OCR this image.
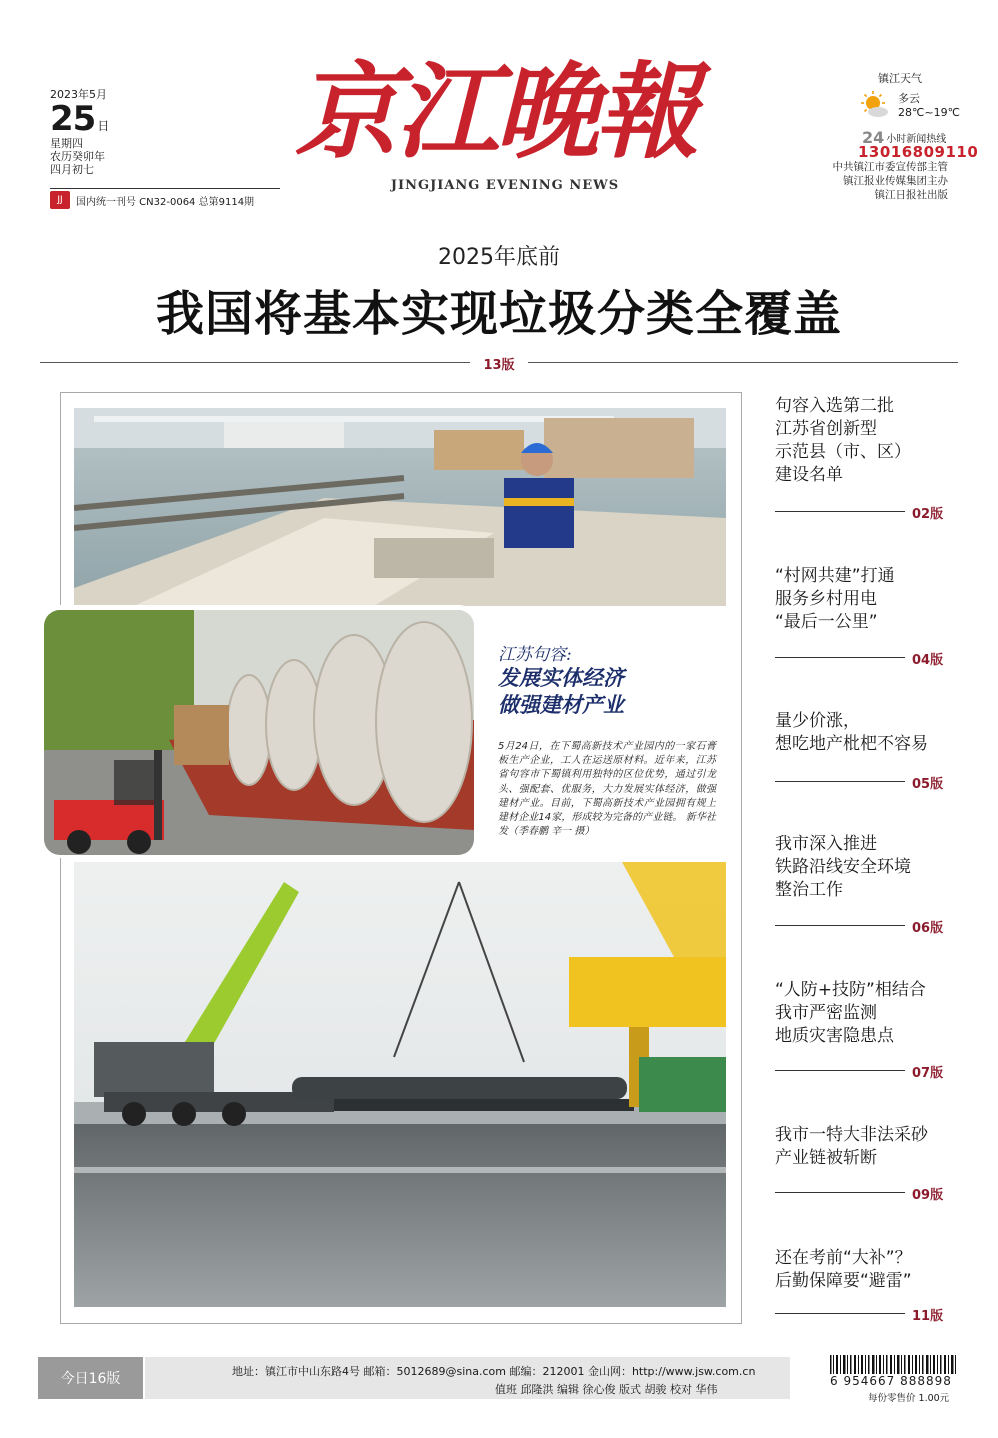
2023年5月
25 日
星期四
农历癸卯年
四月初七
JJ	国内统一刊号 CN32-0064 总第9114期
京江晚報
JINGJIANG EVENING NEWS
镇江天气
多云
28℃~19℃
24 小时新闻热线
13016809110
中共镇江市委宣传部主管
镇江报业传媒集团主办
镇江日报社出版
2025年底前
我国将基本实现垃圾分类全覆盖
13版
江苏句容:
发展实体经济
做强建材产业
5月24日，在下蜀高新技术产业园内的一家石膏板生产企业，工人在运送原材料。近年来，江苏省句容市下蜀镇利用独特的区位优势，通过引龙头、强配套、优服务，大力发展实体经济，做强建材产业。目前，下蜀高新技术产业园拥有规上建材企业14家，形成较为完备的产业链。 新华社发（季春鹏 辛一 摄）
句容入选第二批
江苏省创新型
示范县（市、区）
建设名单
02版
“村网共建”打通
服务乡村用电
“最后一公里”
04版
量少价涨，
想吃地产枇杷不容易
05版
我市深入推进
铁路沿线安全环境
整治工作
06版
“人防+技防”相结合
我市严密监测
地质灾害隐患点
07版
我市一特大非法采砂
产业链被斩断
09版
还在考前“大补”？
后勤保障要“避雷”
11版
今日16版	地址：镇江市中山东路4号 邮箱：5012689@sina.com 邮编：212001 金山网：http://www.jsw.com.cn
值班 邱隆洪 编辑 徐心俊 版式 胡骏 校对 华伟
6 954667 888898
每份零售价 1.00元
